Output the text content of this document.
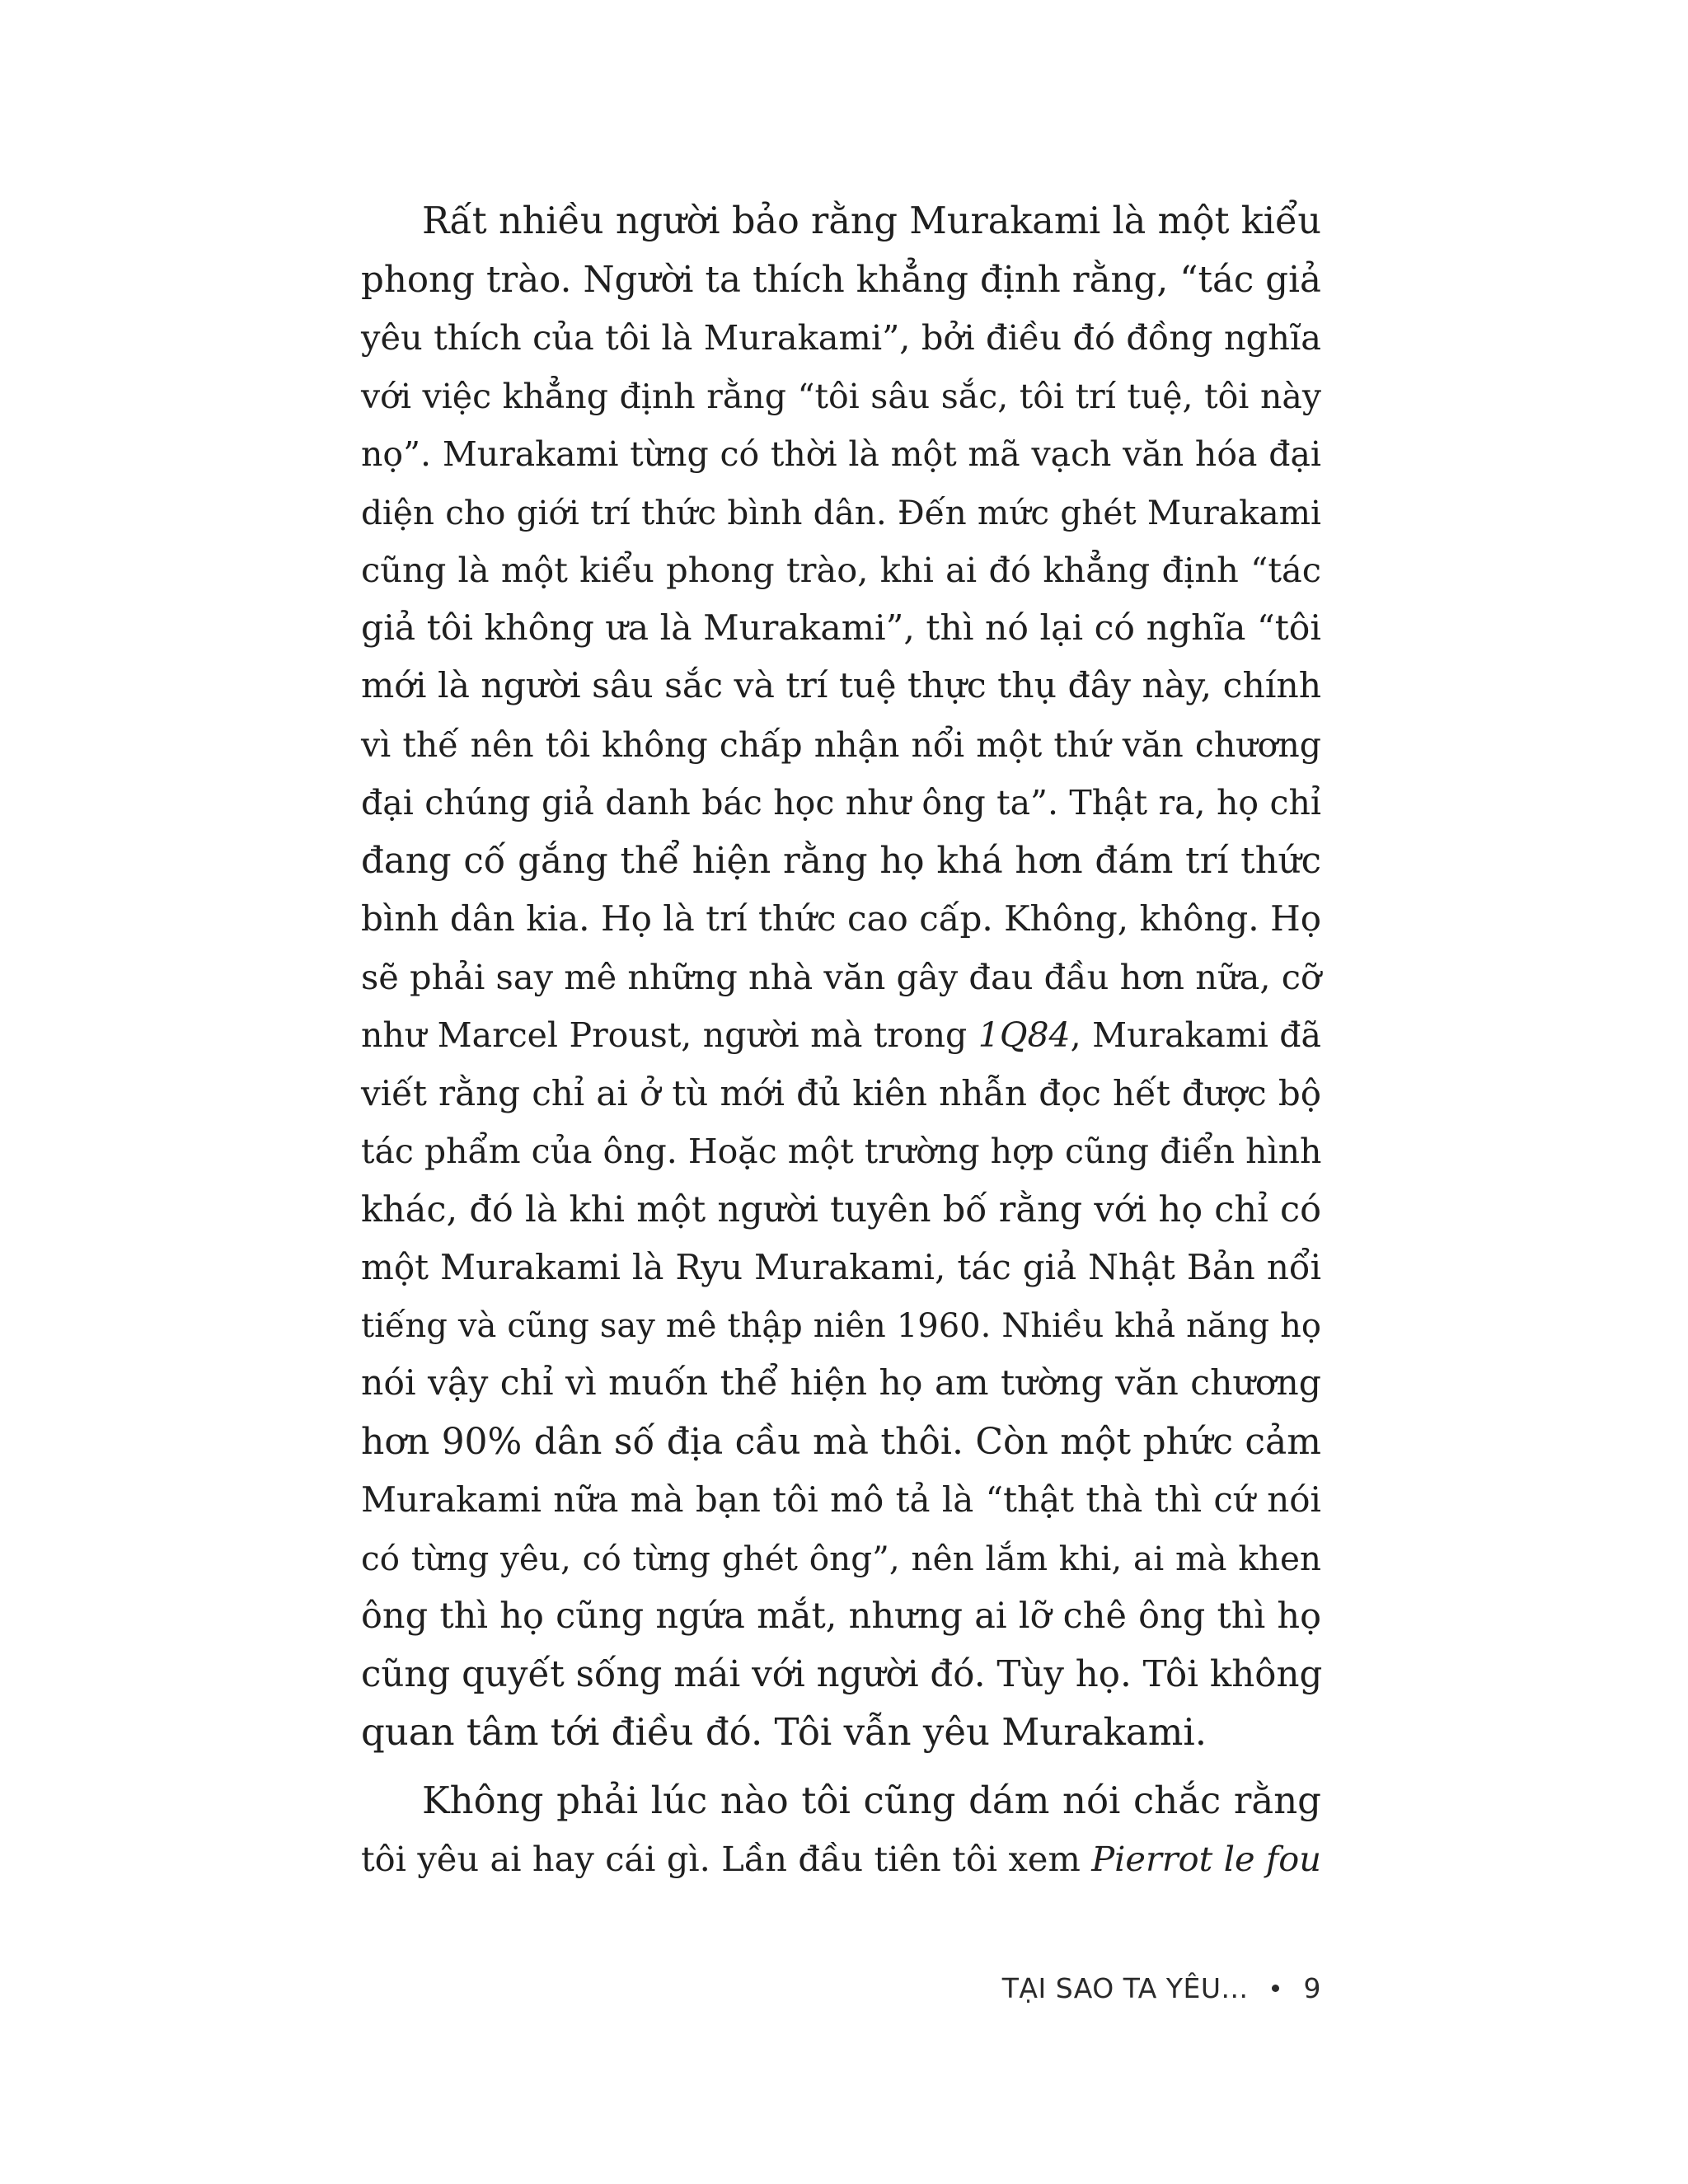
Rất nhiều người bảo rằng Murakami là một kiểu
phong trào. Người ta thích khẳng định rằng, “tác giả
yêu thích của tôi là Murakami”, bởi điều đó đồng nghĩa
với việc khẳng định rằng “tôi sâu sắc, tôi trí tuệ, tôi này
nọ”. Murakami từng có thời là một mã vạch văn hóa đại
diện cho giới trí thức bình dân. Đến mức ghét Murakami
cũng là một kiểu phong trào, khi ai đó khẳng định “tác
giả tôi không ưa là Murakami”, thì nó lại có nghĩa “tôi
mới là người sâu sắc và trí tuệ thực thụ đây này, chính
vì thế nên tôi không chấp nhận nổi một thứ văn chương
đại chúng giả danh bác học như ông ta”. Thật ra, họ chỉ
đang cố gắng thể hiện rằng họ khá hơn đám trí thức
bình dân kia. Họ là trí thức cao cấp. Không, không. Họ
sẽ phải say mê những nhà văn gây đau đầu hơn nữa, cỡ
như Marcel Proust, người mà trong 1Q84, Murakami đã
viết rằng chỉ ai ở tù mới đủ kiên nhẫn đọc hết được bộ
tác phẩm của ông. Hoặc một trường hợp cũng điển hình
khác, đó là khi một người tuyên bố rằng với họ chỉ có
một Murakami là Ryu Murakami, tác giả Nhật Bản nổi
tiếng và cũng say mê thập niên 1960. Nhiều khả năng họ
nói vậy chỉ vì muốn thể hiện họ am tường văn chương
hơn 90% dân số địa cầu mà thôi. Còn một phức cảm
Murakami nữa mà bạn tôi mô tả là “thật thà thì cứ nói
có từng yêu, có từng ghét ông”, nên lắm khi, ai mà khen
ông thì họ cũng ngứa mắt, nhưng ai lỡ chê ông thì họ
cũng quyết sống mái với người đó. Tùy họ. Tôi không
quan tâm tới điều đó. Tôi vẫn yêu Murakami.
Không phải lúc nào tôi cũng dám nói chắc rằng
tôi yêu ai hay cái gì. Lần đầu tiên tôi xem Pierrot le fou
TẠI SAO TA YÊU... 9
